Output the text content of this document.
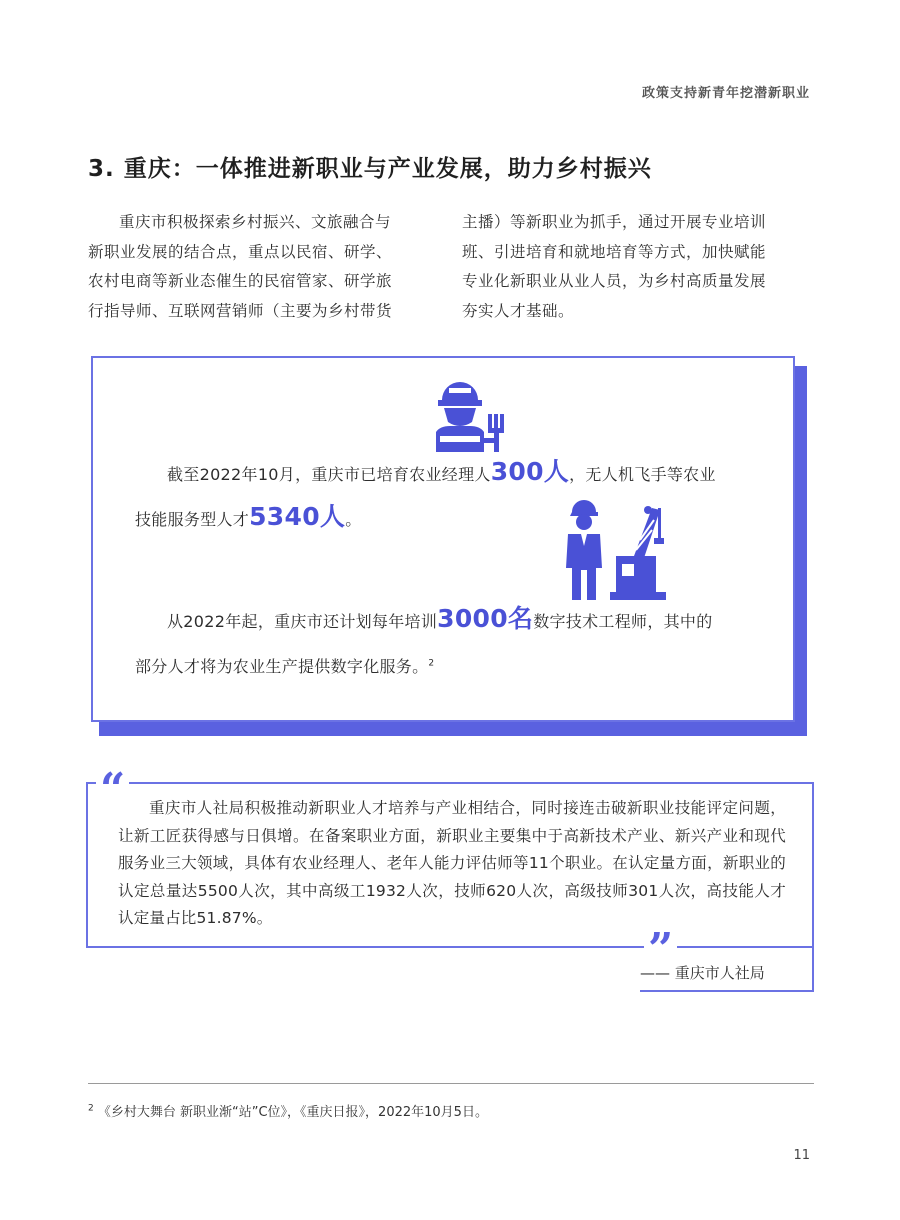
政策支持新青年挖潜新职业
3. 重庆：一体推进新职业与产业发展，助力乡村振兴
重庆市积极探索乡村振兴、文旅融合与
新职业发展的结合点，重点以民宿、研学、
农村电商等新业态催生的民宿管家、研学旅
行指导师、互联网营销师（主要为乡村带货
主播）等新职业为抓手，通过开展专业培训
班、引进培育和就地培育等方式，加快赋能
专业化新职业从业人员，为乡村高质量发展
夯实人才基础。
截至2022年10月，重庆市已培育农业经理人300人，无人机飞手等农业
技能服务型人才5340人。
从2022年起，重庆市还计划每年培训3000名数字技术工程师，其中的
部分人才将为农业生产提供数字化服务。$^2$
“	重庆市人社局积极推动新职业人才培养与产业相结合，同时接连击破新职业技能评定问题，让新工匠获得感与日俱增。在备案职业方面，新职业主要集中于高新技术产业、新兴产业和现代服务业三大领域，具体有农业经理人、老年人能力评估师等11个职业。在认定量方面，新职业的认定总量达5500人次，其中高级工1932人次，技师620人次，高级技师301人次，高技能人才认定量占比51.87%。
”
—— 重庆市人社局
$^2$ 《乡村大舞台 新职业渐“站”C位》，《重庆日报》，2022年10月5日。
11
